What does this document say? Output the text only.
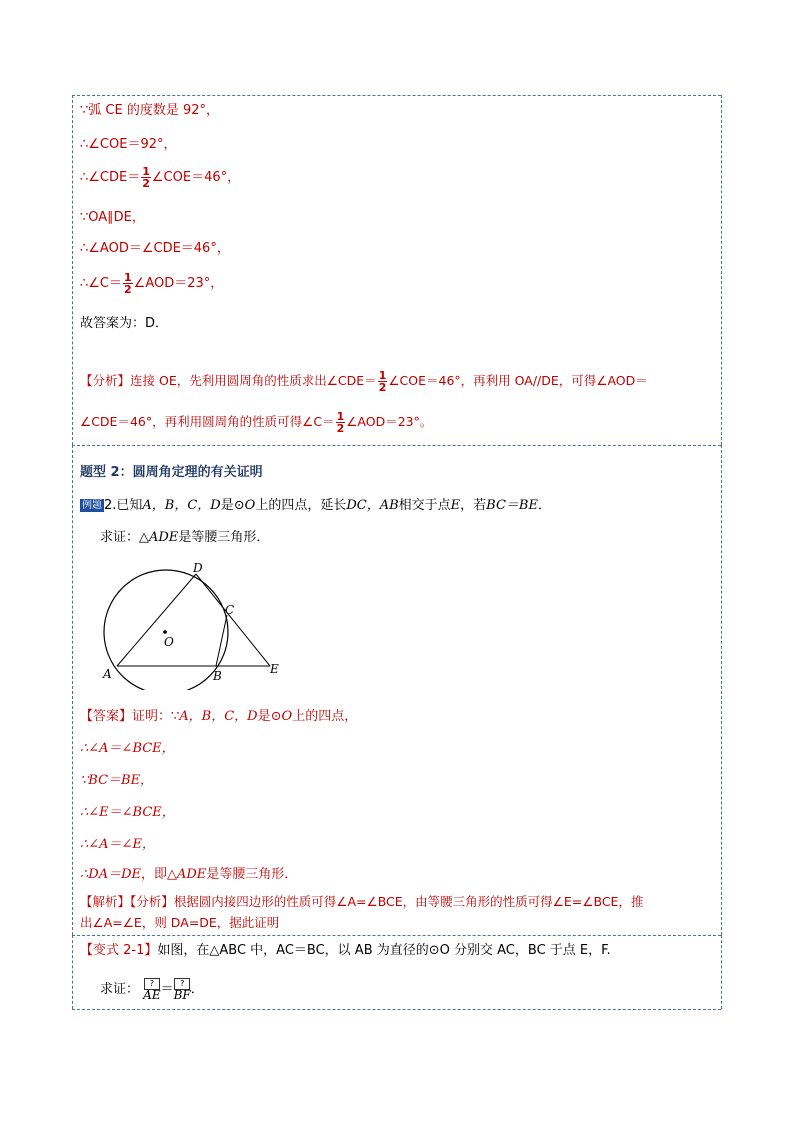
∵弧 CE 的度数是 92°，
∴∠COE＝92°，
∴∠CDE＝ $\frac{1}{2}$ ∠COE＝46°，
∵OA∥DE，
∴∠AOD＝∠CDE＝46°，
∴∠C＝ $\frac{1}{2}$ ∠AOD＝23°，
故答案为：D．
【分析】连接 OE，先利用圆周角的性质求出∠CDE＝ $\frac{1}{2}$ ∠COE＝46°，再利用 OA//DE，可得∠AOD＝
∠CDE＝46°，再利用圆周角的性质可得∠C＝ $\frac{1}{2}$ ∠AOD＝23°。
题型 2：圆周角定理的有关证明
例题 2.已知A，B，C，D是⊙O上的四点，延长DC，AB相交于点E，若BC＝BE．
求证：△ADE是等腰三角形．
D
C
O
A	B	E
【答案】证明：∵A，B，C，D是⊙O上的四点，
∴∠A＝∠BCE，
∵BC＝BE，
∴∠E＝∠BCE，
∴∠A＝∠E，
∴DA＝DE，即△ADE是等腰三角形．
【解析】【分析】根据圆内接四边形的性质可得∠A=∠BCE，由等腰三角形的性质可得∠E=∠BCE，推
出∠A=∠E，则 DA=DE，据此证明
【变式 2-1】如图，在△ABC 中，AC＝BC，以 AB 为直径的⊙O 分别交 AC，BC 于点 E，F.
求证： ?
AE＝ ?
BF．
